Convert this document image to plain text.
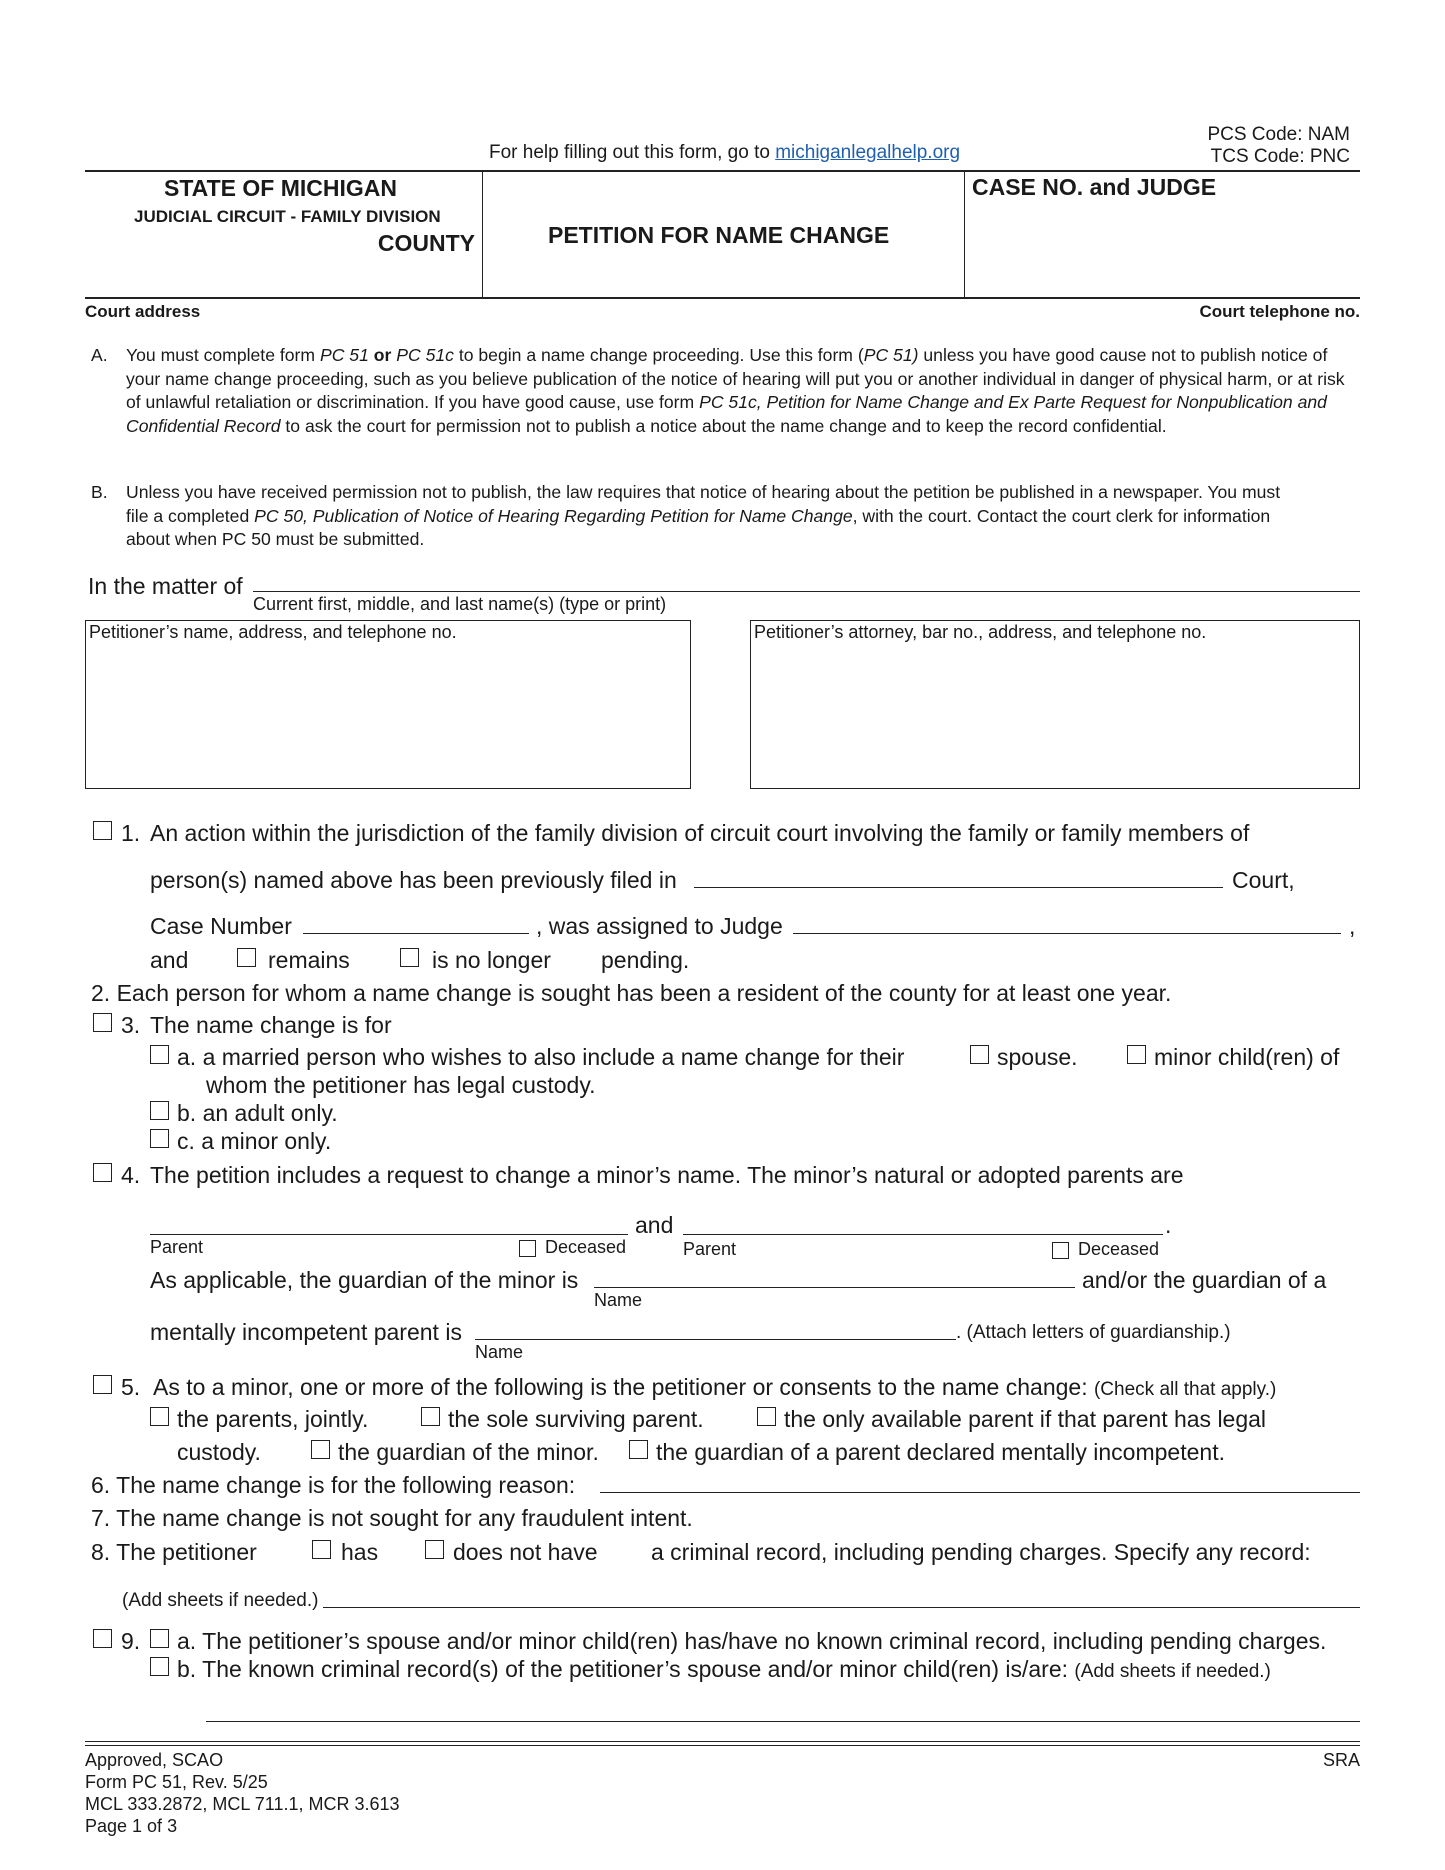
PCS Code: NAM
TCS Code: PNC
For help filling out this form, go to michiganlegalhelp.org
STATE OF MICHIGAN
JUDICIAL CIRCUIT - FAMILY DIVISION
COUNTY	PETITION FOR NAME CHANGE
CASE NO. and JUDGE
Court address	Court telephone no.
A. You must complete form PC 51 or PC 51c to begin a name change proceeding. Use this form (PC 51) unless you have good cause not to publish notice of your name change proceeding, such as you believe publication of the notice of hearing will put you or another individual in danger of physical harm, or at risk of unlawful retaliation or discrimination. If you have good cause, use form PC 51c, Petition for Name Change and Ex Parte Request for Nonpublication and Confidential Record to ask the court for permission not to publish a notice about the name change and to keep the record confidential.
B. Unless you have received permission not to publish, the law requires that notice of hearing about the petition be published in a newspaper. You must file a completed PC 50, Publication of Notice of Hearing Regarding Petition for Name Change, with the court. Contact the court clerk for information about when PC 50 must be submitted.
In the matter of
Current first, middle, and last name(s) (type or print)
Petitioner’s name, address, and telephone no.	Petitioner’s attorney, bar no., address, and telephone no.
1. An action within the jurisdiction of the family division of circuit court involving the family or family members of
person(s) named above has been previously filed in	Court,
Case Number	, was assigned to Judge	,
and	remains	is no longer pending.
2. Each person for whom a name change is sought has been a resident of the county for at least one year.
3. The name change is for
a. a married person who wishes to also include a name change for their	spouse.	minor child(ren) of
whom the petitioner has legal custody.
b. an adult only.
c. a minor only.
4. The petition includes a request to change a minor’s name. The minor’s natural or adopted parents are
and	.
Parent	Deceased	Parent	Deceased
As applicable, the guardian of the minor is	and/or the guardian of a
Name
mentally incompetent parent is
Name
. (Attach letters of guardianship.)
5. As to a minor, one or more of the following is the petitioner or consents to the name change: (Check all that apply.)
the parents, jointly.	the sole surviving parent.	the only available parent if that parent has legal
custody.	the guardian of the minor. the guardian of a parent declared mentally incompetent.
6. The name change is for the following reason:
7. The name change is not sought for any fraudulent intent.
8. The petitioner	has	does not have a criminal record, including pending charges. Specify any record:
(Add sheets if needed.)
9. a. The petitioner’s spouse and/or minor child(ren) has/have no known criminal record, including pending charges.
b. The known criminal record(s) of the petitioner’s spouse and/or minor child(ren) is/are: (Add sheets if needed.)
Approved, SCAO
Form PC 51, Rev. 5/25
MCL 333.2872, MCL 711.1, MCR 3.613
Page 1 of 3
SRA
